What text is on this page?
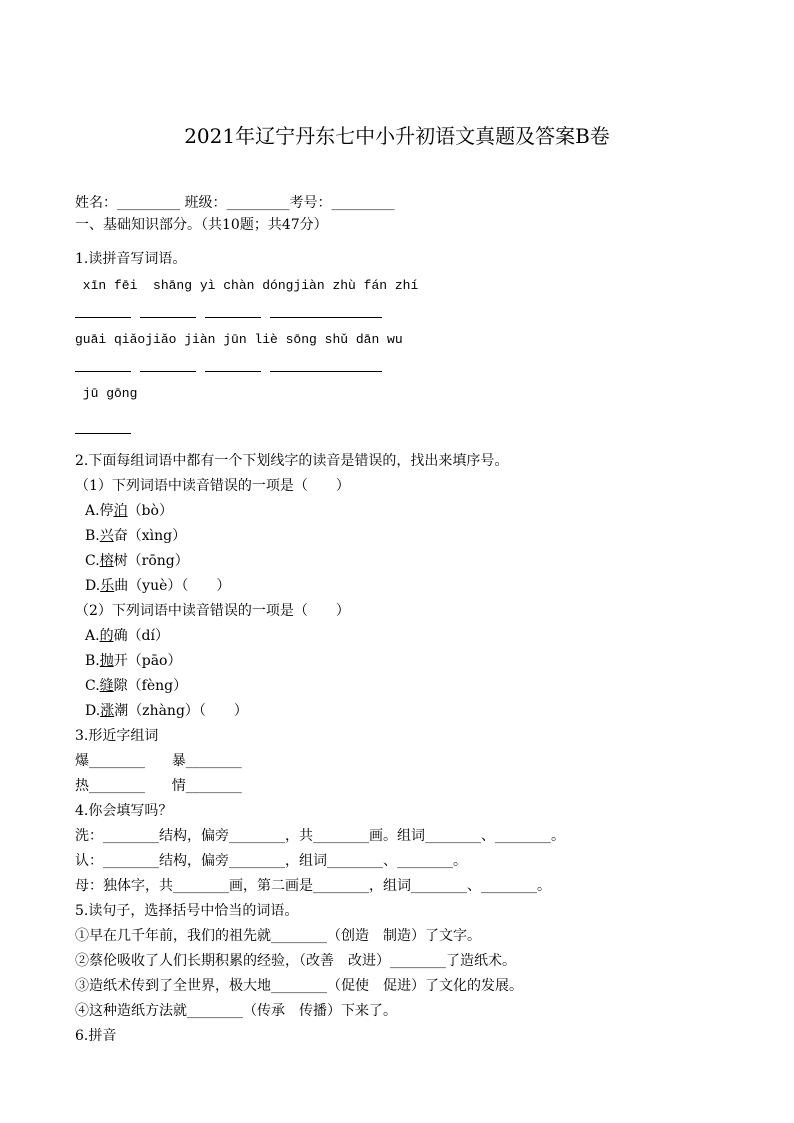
2021年辽宁丹东七中小升初语文真题及答案B卷
姓名：_________ 班级：_________考号：_________
一、基础知识部分。（共10题；共47分）
1.读拼音写词语。
xīn fēi  shāng yì chàn dóngjiàn zhù fán zhí

guāi qiǎojiǎo jiàn jūn liè sōng shǔ dān wu

jū gōng
2.下面每组词语中都有一个下划线字的读音是错误的，找出来填序号。
（1）下列词语中读音错误的一项是（　　）
A.停泊（bò）
B.兴奋（xìng）
C.榕树（rōng）
D.乐曲（yuè）（　　）
（2）下列词语中读音错误的一项是（　　）
A.的确（dí）
B.抛开（pāo）
C.缝隙（fèng）
D.涨潮（zhàng）（　　）
3.形近字组词
爆________      暴________
热________      情________
4.你会填写吗？
洗：________结构，偏旁________，共________画。组词________、________。
认：________结构，偏旁________，组词________、________。
母：独体字，共________画，第二画是________，组词________、________。
5.读句子，选择括号中恰当的词语。
①早在几千年前，我们的祖先就________（创造　制造）了文字。
②蔡伦吸收了人们长期积累的经验，（改善　改进）________了造纸术。
③造纸术传到了全世界，极大地________（促使　促进）了文化的发展。
④这种造纸方法就________（传承　传播）下来了。
6.拼音
